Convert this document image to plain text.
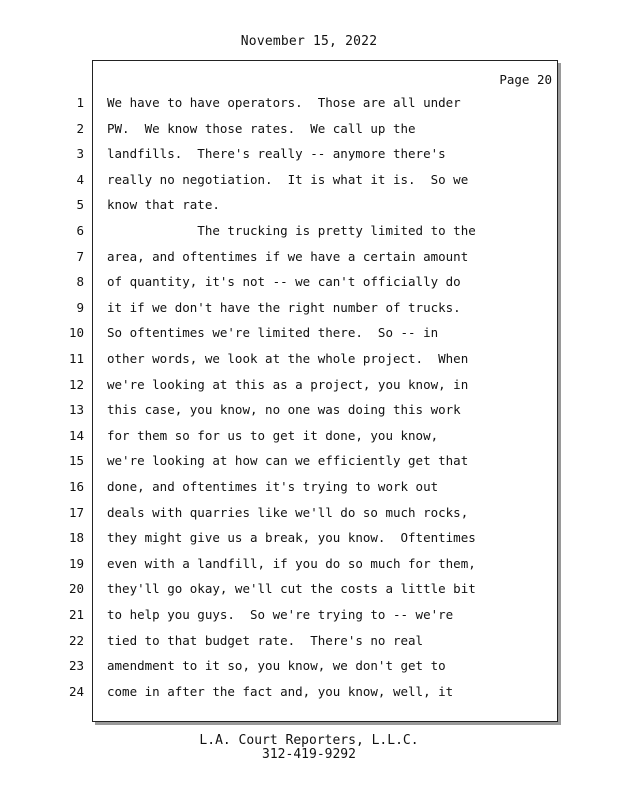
November 15, 2022
Page 20
1 We have to have operators.  Those are all under
2 PW.  We know those rates.  We call up the
3 landfills.  There's really -- anymore there's
4 really no negotiation.  It is what it is.  So we
5 know that rate.
6 The trucking is pretty limited to the
7 area, and oftentimes if we have a certain amount
8 of quantity, it's not -- we can't officially do
9 it if we don't have the right number of trucks.
10 So oftentimes we're limited there.  So -- in
11 other words, we look at the whole project.  When
12 we're looking at this as a project, you know, in
13 this case, you know, no one was doing this work
14 for them so for us to get it done, you know,
15 we're looking at how can we efficiently get that
16 done, and oftentimes it's trying to work out
17 deals with quarries like we'll do so much rocks,
18 they might give us a break, you know.  Oftentimes
19 even with a landfill, if you do so much for them,
20 they'll go okay, we'll cut the costs a little bit
21 to help you guys.  So we're trying to -- we're
22 tied to that budget rate.  There's no real
23 amendment to it so, you know, we don't get to
24 come in after the fact and, you know, well, it
L.A. Court Reporters, L.L.C.
312-419-9292
